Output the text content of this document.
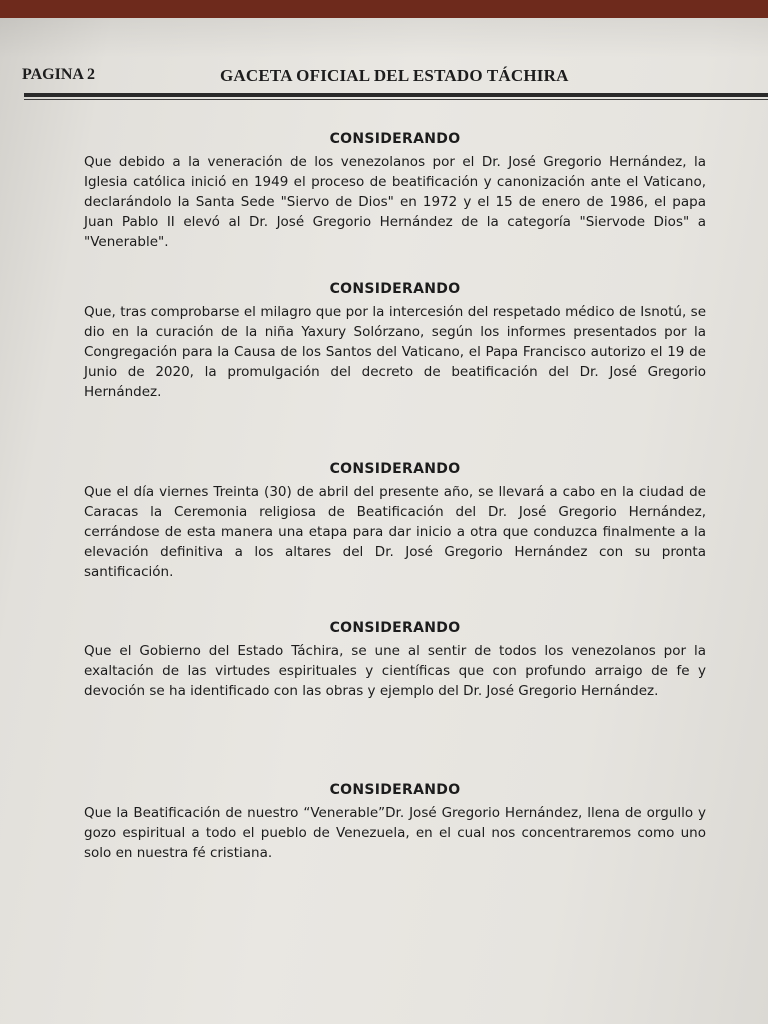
PAGINA 2	GACETA OFICIAL DEL ESTADO TÁCHIRA

CONSIDERANDO

Que debido a la veneración de los venezolanos por el Dr. José Gregorio Hernández, la Iglesia católica inició en 1949 el proceso de beatificación y canonización ante el Vaticano, declarándolo la Santa Sede "Siervo de Dios" en 1972 y el 15 de enero de 1986, el papa Juan Pablo II elevó al Dr. José Gregorio Hernández de la categoría "Siervode Dios" a "Venerable".

CONSIDERANDO

Que, tras comprobarse el milagro que por la intercesión del respetado médico de Isnotú, se dio en la curación de la niña Yaxury Solórzano, según los informes presentados por la Congregación para la Causa de los Santos del Vaticano, el Papa Francisco autorizo el 19 de Junio de 2020, la promulgación del decreto de beatificación del Dr. José Gregorio Hernández.

CONSIDERANDO

Que el día viernes Treinta (30) de abril del presente año, se llevará a cabo en la ciudad de Caracas la Ceremonia religiosa de Beatificación del Dr. José Gregorio Hernández, cerrándose de esta manera una etapa para dar inicio a otra que conduzca finalmente a la elevación definitiva a los altares del Dr. José Gregorio Hernández con su pronta santificación.

CONSIDERANDO

Que el Gobierno del Estado Táchira, se une al sentir de todos los venezolanos por la exaltación de las virtudes espirituales y científicas que con profundo arraigo de fe y devoción se ha identificado con las obras y ejemplo del Dr. José Gregorio Hernández.

CONSIDERANDO

Que la Beatificación de nuestro “Venerable”Dr. José Gregorio Hernández, llena de orgullo y gozo espiritual a todo el pueblo de Venezuela, en el cual nos concentraremos como uno solo en nuestra fé cristiana.
